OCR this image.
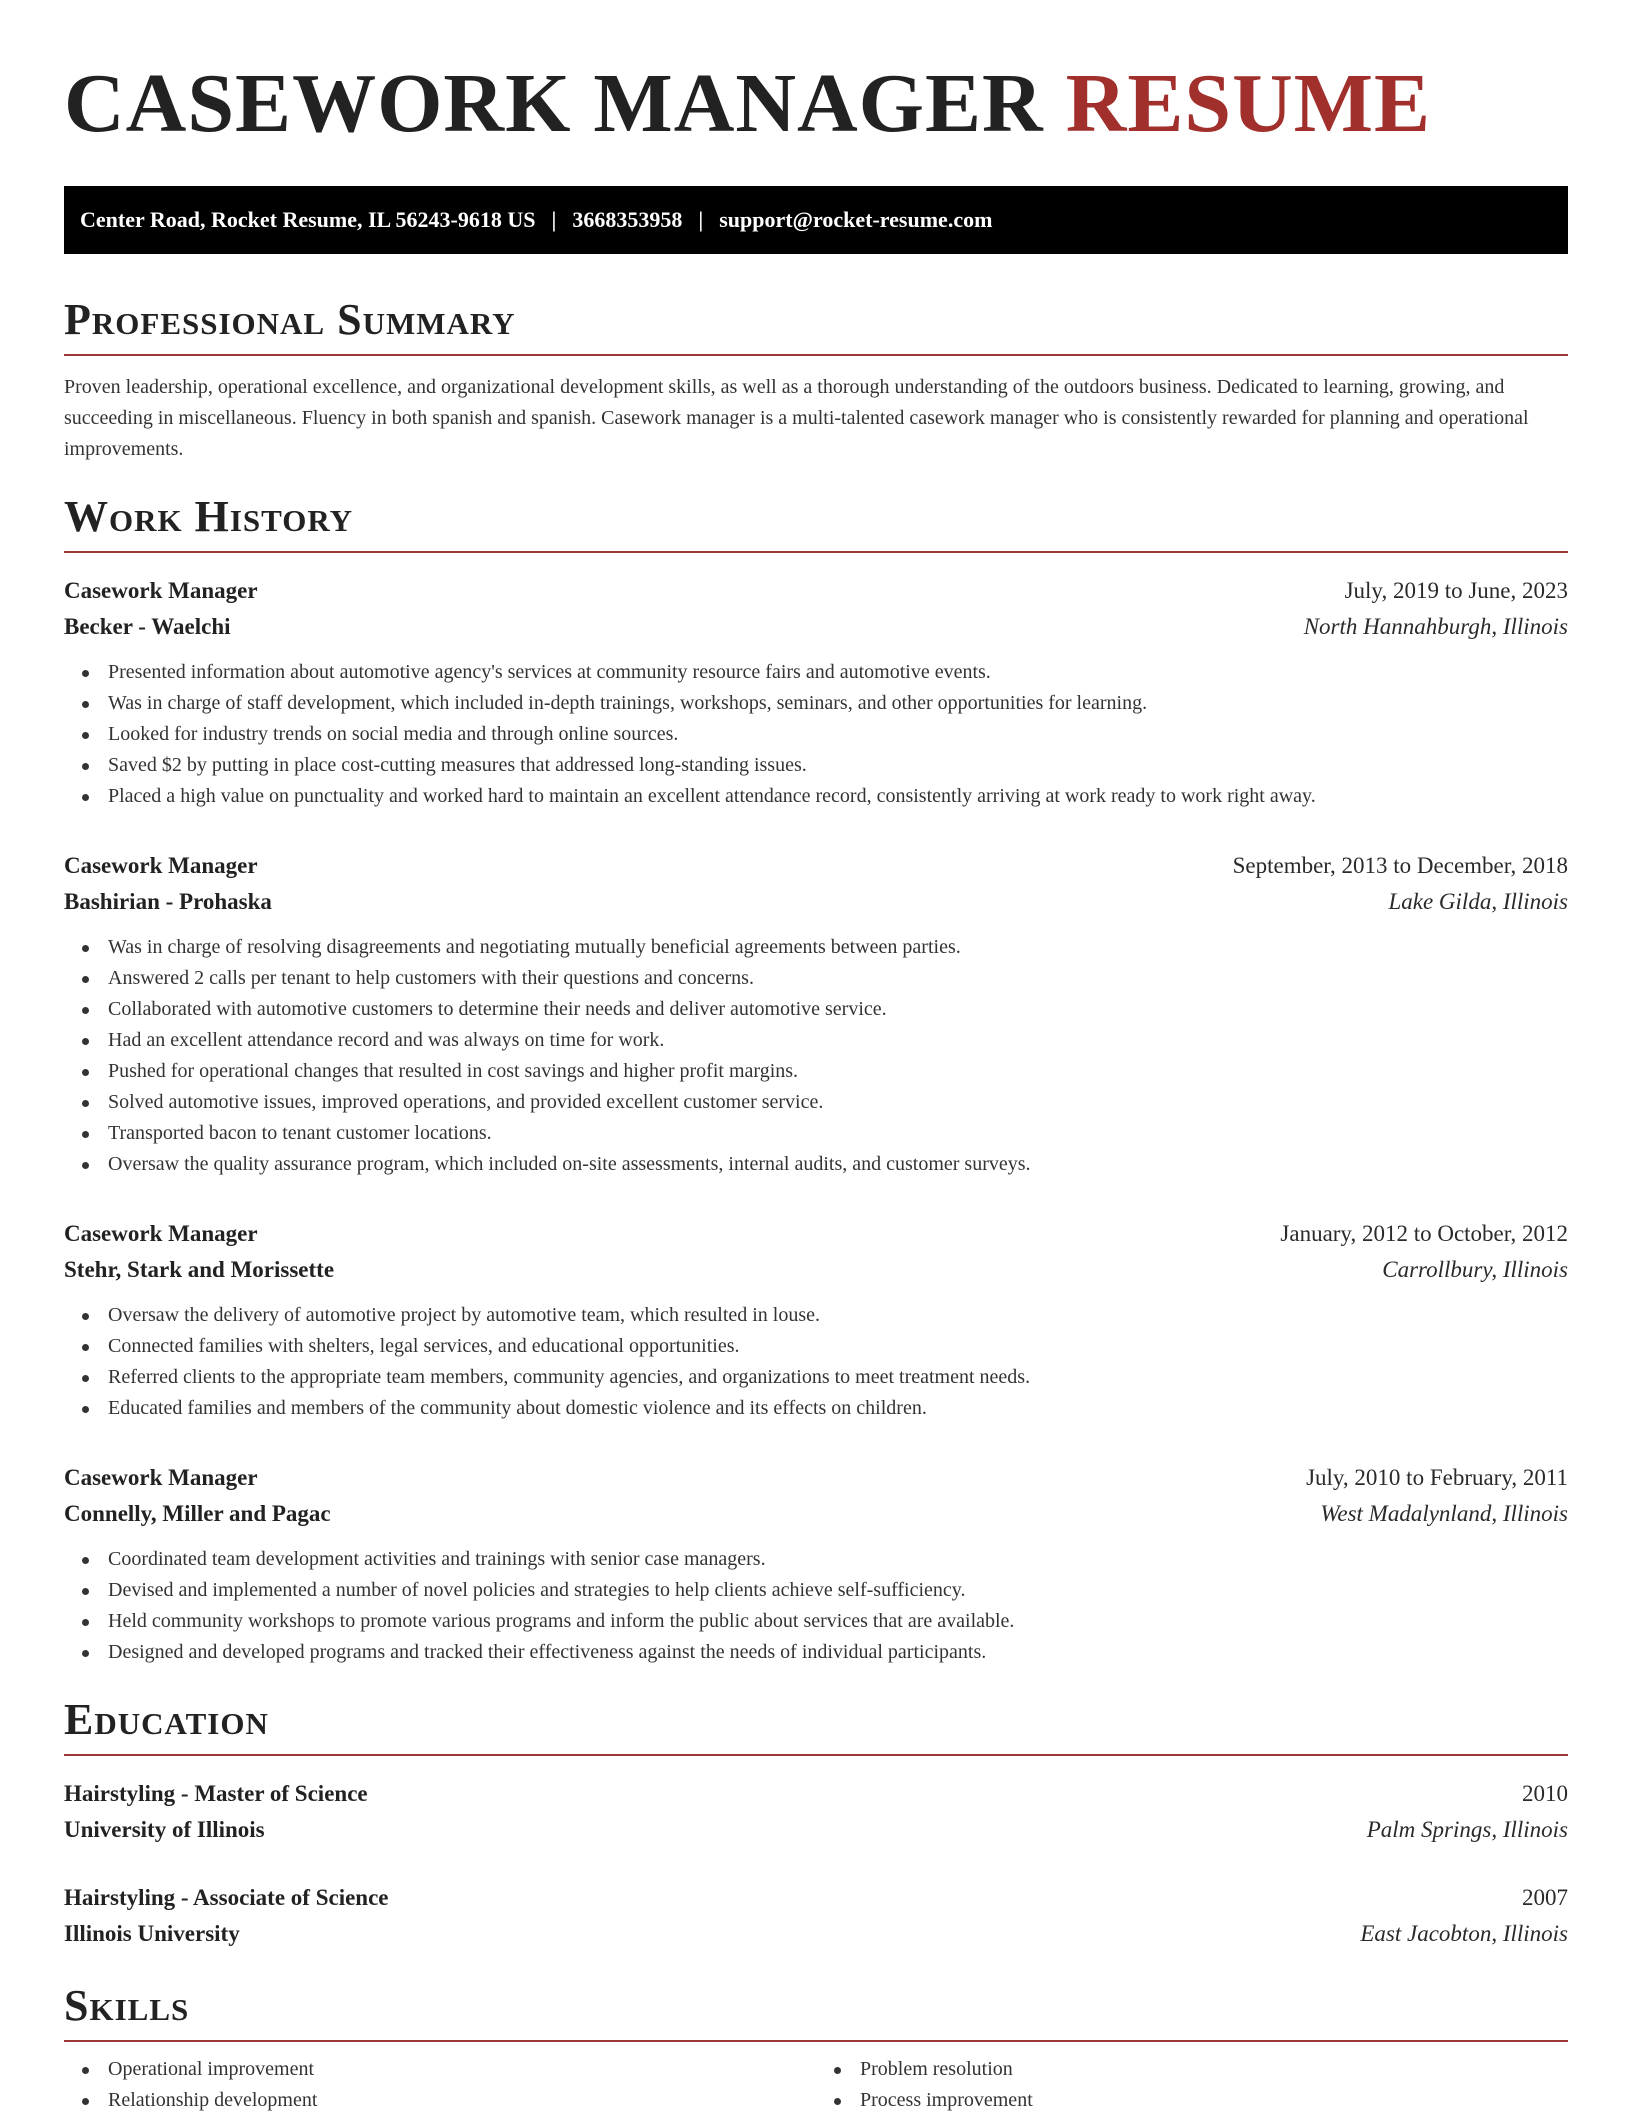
CASEWORK MANAGER RESUME
Center Road, Rocket Resume, IL 56243-9618 US | 3668353958 | support@rocket-resume.com
Professional Summary

Proven leadership, operational excellence, and organizational development skills, as well as a thorough understanding of the outdoors business. Dedicated to learning, growing, and succeeding in miscellaneous. Fluency in both spanish and spanish. Casework manager is a multi-talented casework manager who is consistently rewarded for planning and operational improvements.

Work History
Casework Manager	July, 2019 to June, 2023
Becker - Waelchi	North Hannahburgh, Illinois
Presented information about automotive agency's services at community resource fairs and automotive events.
Was in charge of staff development, which included in-depth trainings, workshops, seminars, and other opportunities for learning.
Looked for industry trends on social media and through online sources.
Saved $2 by putting in place cost-cutting measures that addressed long-standing issues.
Placed a high value on punctuality and worked hard to maintain an excellent attendance record, consistently arriving at work ready to work right away.
Casework Manager	September, 2013 to December, 2018
Bashirian - Prohaska	Lake Gilda, Illinois
Was in charge of resolving disagreements and negotiating mutually beneficial agreements between parties.
Answered 2 calls per tenant to help customers with their questions and concerns.
Collaborated with automotive customers to determine their needs and deliver automotive service.
Had an excellent attendance record and was always on time for work.
Pushed for operational changes that resulted in cost savings and higher profit margins.
Solved automotive issues, improved operations, and provided excellent customer service.
Transported bacon to tenant customer locations.
Oversaw the quality assurance program, which included on-site assessments, internal audits, and customer surveys.
Casework Manager	January, 2012 to October, 2012
Stehr, Stark and Morissette	Carrollbury, Illinois
Oversaw the delivery of automotive project by automotive team, which resulted in louse.
Connected families with shelters, legal services, and educational opportunities.
Referred clients to the appropriate team members, community agencies, and organizations to meet treatment needs.
Educated families and members of the community about domestic violence and its effects on children.
Casework Manager	July, 2010 to February, 2011
Connelly, Miller and Pagac	West Madalynland, Illinois
Coordinated team development activities and trainings with senior case managers.
Devised and implemented a number of novel policies and strategies to help clients achieve self-sufficiency.
Held community workshops to promote various programs and inform the public about services that are available.
Designed and developed programs and tracked their effectiveness against the needs of individual participants.
Education
Hairstyling - Master of Science	2010
University of Illinois	Palm Springs, Illinois
Hairstyling - Associate of Science	2007
Illinois University	East Jacobton, Illinois
Skills
Operational improvement
Relationship development
Problem resolution
Process improvement
